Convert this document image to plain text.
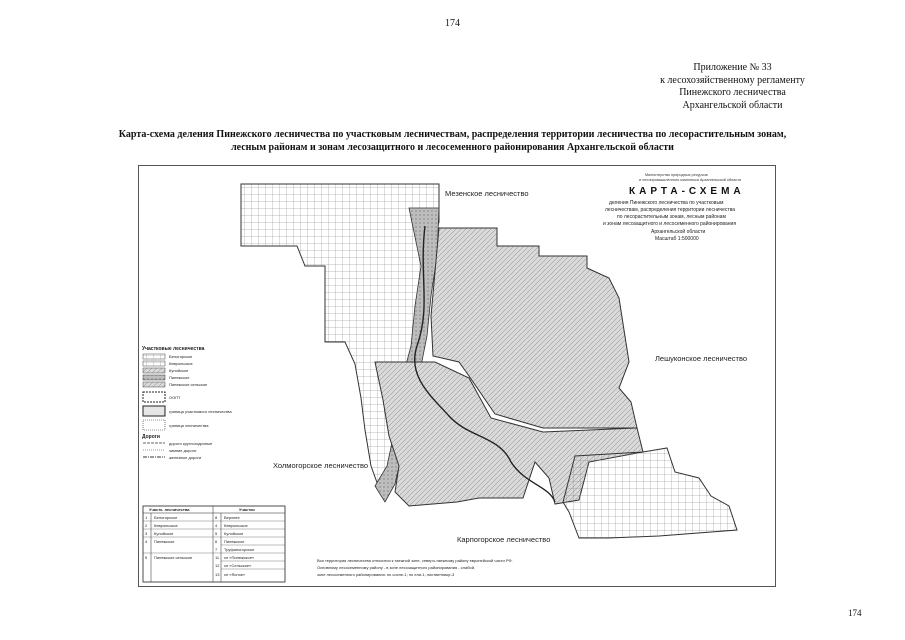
174
Приложение № 33
к лесохозяйственному регламенту
Пинежского лесничества
Архангельской области
Карта-схема деления Пинежского лесничества по участковым лесничествам, распределения территории лесничества по лесорастительным зонам,
лесным районам и зонам лесозащитного и лесосеменного районирования Архангельской области
Мезенское лесничество
Лешуконское лесничество
Холмогорское лесничество
Карпогорское лесничество
Министерство природных ресурсов
и лесопромышленного комплекса Архангельской области
КАРТА-СХЕМА
деления Пинежского лесничества по участковым
лесничествам, распределения территории лесничества
по лесорастительным зонам, лесным районам
и зонам лесозащитного и лесосеменного районирования
Архангельской области
Масштаб 1:500000
Участковые лесничества
Белогорское
Кеврольское
Кулойское
Пинежское
Пинежское сельское
ООПТ
граница участкового лесничества
граница лесничества
Дороги
дороги круглогодичные
зимние дороги
железные дороги
Участк. лесничества	Участки
1 Белогорское	8 Верхнее
2 Кеврольское	4 Кеврольское
3 Кулойское	5 Кулойское
4 Пинежское	6 Пинежское
7 Труфаногорское
5 Пинежское сельское	11 сп «Пинежское»
12 сп «Сельское»
13 сп «Ясное»
Вся территория лесничества относится к таежной зоне, северо-таежному району европейской части РФ.
Основному лесосеменному району - в зоне лесозащитного районирования - слабой,
зоне лесосеменного районирования: по сосне-1; по ели-1; лиственнице-3
174
